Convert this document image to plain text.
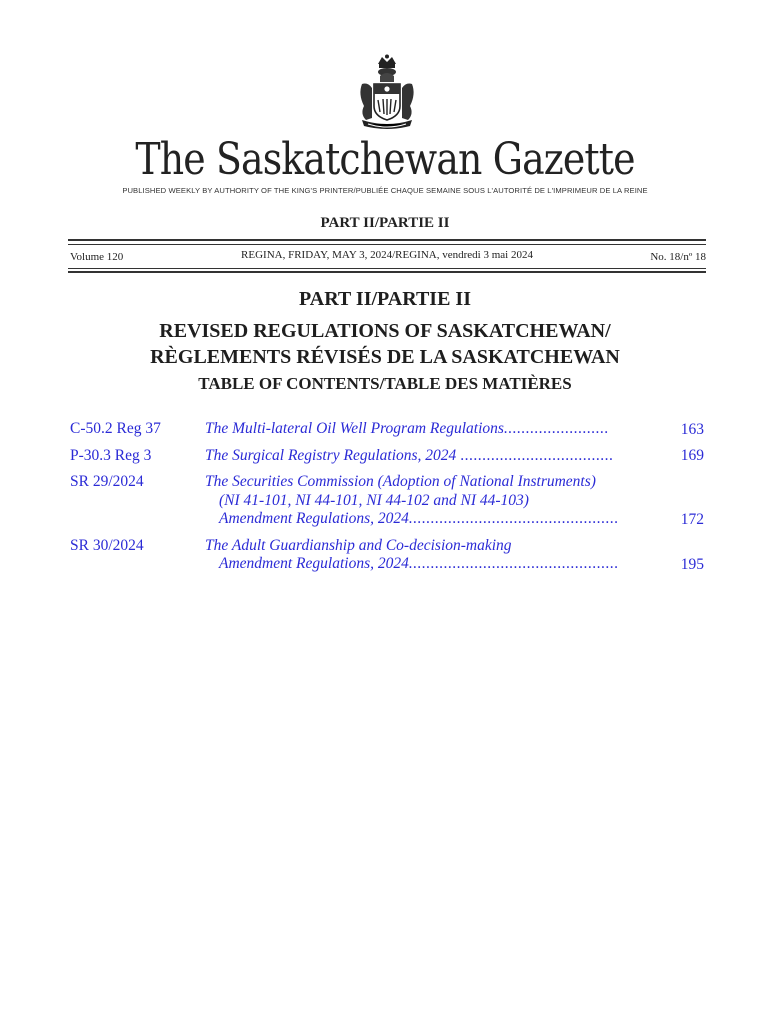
The Saskatchewan Gazette
PUBLISHED WEEKLY BY AUTHORITY OF THE KING'S PRINTER/PUBLIÉE CHAQUE SEMAINE SOUS L'AUTORITÉ DE L'IMPRIMEUR DE LA REINE
PART II/PARTIE II
Volume 120	REGINA, FRIDAY, MAY 3, 2024/REGINA, vendredi 3 mai 2024	No. 18/nº 18
PART II/PARTIE II
REVISED REGULATIONS OF SASKATCHEWAN/
RÈGLEMENTS RÉVISÉS DE LA SASKATCHEWAN
TABLE OF CONTENTS/TABLE DES MATIÈRES
C-50.2 Reg 37	The Multi-lateral Oil Well Program Regulations........................	163
P-30.3 Reg 3	The Surgical Registry Regulations, 2024 ...................................	169
SR 29/2024	The Securities Commission (Adoption of National Instruments)
(NI 41-101, NI 44-101, NI 44-102 and NI 44-103)
Amendment Regulations, 2024................................................	172
SR 30/2024	The Adult Guardianship and Co-decision-making
Amendment Regulations, 2024................................................	195
